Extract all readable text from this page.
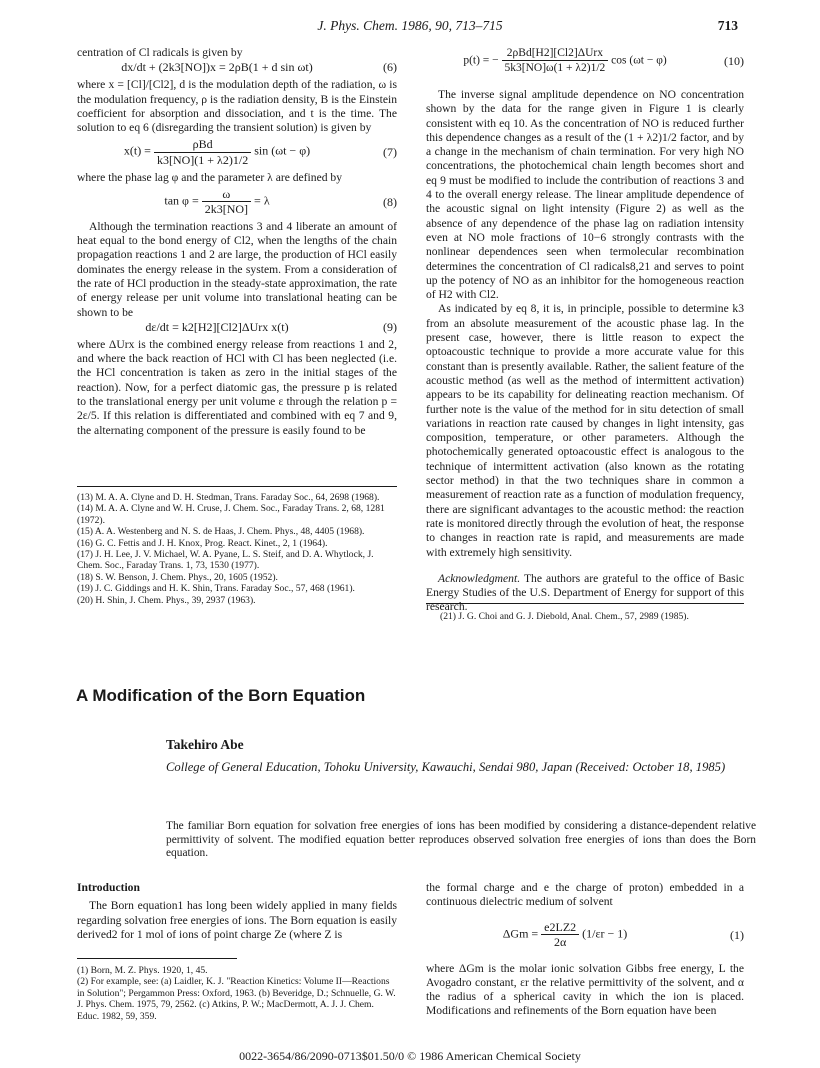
J. Phys. Chem. 1986, 90, 713–715	713

centration of Cl radicals is given by

dx/dt + (2k3[NO])x = 2ρB(1 + d sin ωt)	(6)

where x = [Cl]/[Cl2], d is the modulation depth of the radiation, ω is the modulation frequency, ρ is the radiation density, B is the Einstein coefficient for absorption and dissociation, and t is the time. The solution to eq 6 (disregarding the transient solution) is given by

$x(t) = \frac{\text{ρBd}}{k3[NO](1 + \lambda 2)1/2}$ sin (ωt − φ)	(7)

where the phase lag φ and the parameter λ are defined by

$\tan \varphi = \frac{\omega}{2k3[NO]} = \lambda$	(8)

Although the termination reactions 3 and 4 liberate an amount of heat equal to the bond energy of Cl2, when the lengths of the chain propagation reactions 1 and 2 are large, the production of HCl easily dominates the energy release in the system. From a consideration of the rate of HCl production in the steady-state approximation, the rate of energy release per unit volume into translational heating can be shown to be

dε/dt = k2[H2][Cl2]ΔUrx x(t)	(9)

where ΔUrx is the combined energy release from reactions 1 and 2, and where the back reaction of HCl with Cl has been neglected (i.e. the HCl concentration is taken as zero in the initial stages of the reaction). Now, for a perfect diatomic gas, the pressure p is related to the translational energy per unit volume ε through the relation p = 2ε/5. If this relation is differentiated and combined with eq 7 and 9, the alternating component of the pressure is easily found to be

(13) M. A. A. Clyne and D. H. Stedman, Trans. Faraday Soc., 64, 2698 (1968).
(14) M. A. A. Clyne and W. H. Cruse, J. Chem. Soc., Faraday Trans. 2, 68, 1281 (1972).
(15) A. A. Westenberg and N. S. de Haas, J. Chem. Phys., 48, 4405 (1968).
(16) G. C. Fettis and J. H. Knox, Prog. React. Kinet., 2, 1 (1964).
(17) J. H. Lee, J. V. Michael, W. A. Pyane, L. S. Steif, and D. A. Whytlock, J. Chem. Soc., Faraday Trans. 1, 73, 1530 (1977).
(18) S. W. Benson, J. Chem. Phys., 20, 1605 (1952).
(19) J. C. Giddings and H. K. Shin, Trans. Faraday Soc., 57, 468 (1961).
(20) H. Shin, J. Chem. Phys., 39, 2937 (1963).
p(t) = − $\frac{\text{2ρBd[H2][Cl2]ΔUrx}}{5k3[NO]\omega(1 + \lambda 2)1/2}$ cos (ωt − φ)	(10)

The inverse signal amplitude dependence on NO concentration shown by the data for the range given in Figure 1 is clearly consistent with eq 10. As the concentration of NO is reduced further this dependence changes as a result of the (1 + λ2)1/2 factor, and by a change in the mechanism of chain termination. For very high NO concentrations, the photochemical chain length becomes short and eq 9 must be modified to include the contribution of reactions 3 and 4 to the overall energy release. The linear amplitude dependence of the acoustic signal on light intensity (Figure 2) as well as the absence of any dependence of the phase lag on radiation intensity even at NO mole fractions of 10−6 strongly contrasts with the nonlinear dependences seen when termolecular recombination determines the concentration of Cl radicals8,21 and serves to point up the potency of NO as an inhibitor for the homogeneous reaction of H2 with Cl2.

As indicated by eq 8, it is, in principle, possible to determine k3 from an absolute measurement of the acoustic phase lag. In the present case, however, there is little reason to expect the optoacoustic technique to provide a more accurate value for this constant than is presently available. Rather, the salient feature of the acoustic method (as well as the method of intermittent activation) appears to be its capability for delineating reaction mechanism. Of further note is the value of the method for in situ detection of small variations in reaction rate caused by changes in light intensity, gas composition, temperature, or other parameters. Although the photochemically generated optoacoustic effect is analogous to the technique of intermittent activation (also known as the rotating sector method) in that the two techniques share in common a measurement of reaction rate as a function of modulation frequency, there are significant advantages to the acoustic method: the reaction rate is monitored directly through the evolution of heat, the response to changes in reaction rate is rapid, and measurements are made with extremely high sensitivity.

Acknowledgment. The authors are grateful to the office of Basic Energy Studies of the U.S. Department of Energy for support of this research.

(21) J. G. Choi and G. J. Diebold, Anal. Chem., 57, 2989 (1985).
A Modification of the Born Equation
Takehiro Abe
College of General Education, Tohoku University, Kawauchi, Sendai 980, Japan (Received: October 18, 1985)
The familiar Born equation for solvation free energies of ions has been modified by considering a distance-dependent relative permittivity of solvent. The modified equation better reproduces observed solvation free energies of ions than does the Born equation.

Introduction

The Born equation1 has long been widely applied in many fields regarding solvation free energies of ions. The Born equation is easily derived2 for 1 mol of ions of point charge Ze (where Z is

(1) Born, M. Z. Phys. 1920, 1, 45.
(2) For example, see: (a) Laidler, K. J. "Reaction Kinetics: Volume II—Reactions in Solution"; Pergammon Press: Oxford, 1963. (b) Beveridge, D.; Schnuelle, G. W. J. Phys. Chem. 1975, 79, 2562. (c) Atkins, P. W.; MacDermott, A. J. J. Chem. Educ. 1982, 59, 359.

the formal charge and e the charge of proton) embedded in a continuous dielectric medium of solvent

$\Delta Gm = \frac{e2LZ2}{2\alpha} (1/\varepsilon r - 1)$	(1)

where ΔGm is the molar ionic solvation Gibbs free energy, L the Avogadro constant, εr the relative permittivity of the solvent, and α the radius of a spherical cavity in which the ion is placed. Modifications and refinements of the Born equation have been

0022-3654/86/2090-0713$01.50/0 © 1986 American Chemical Society
